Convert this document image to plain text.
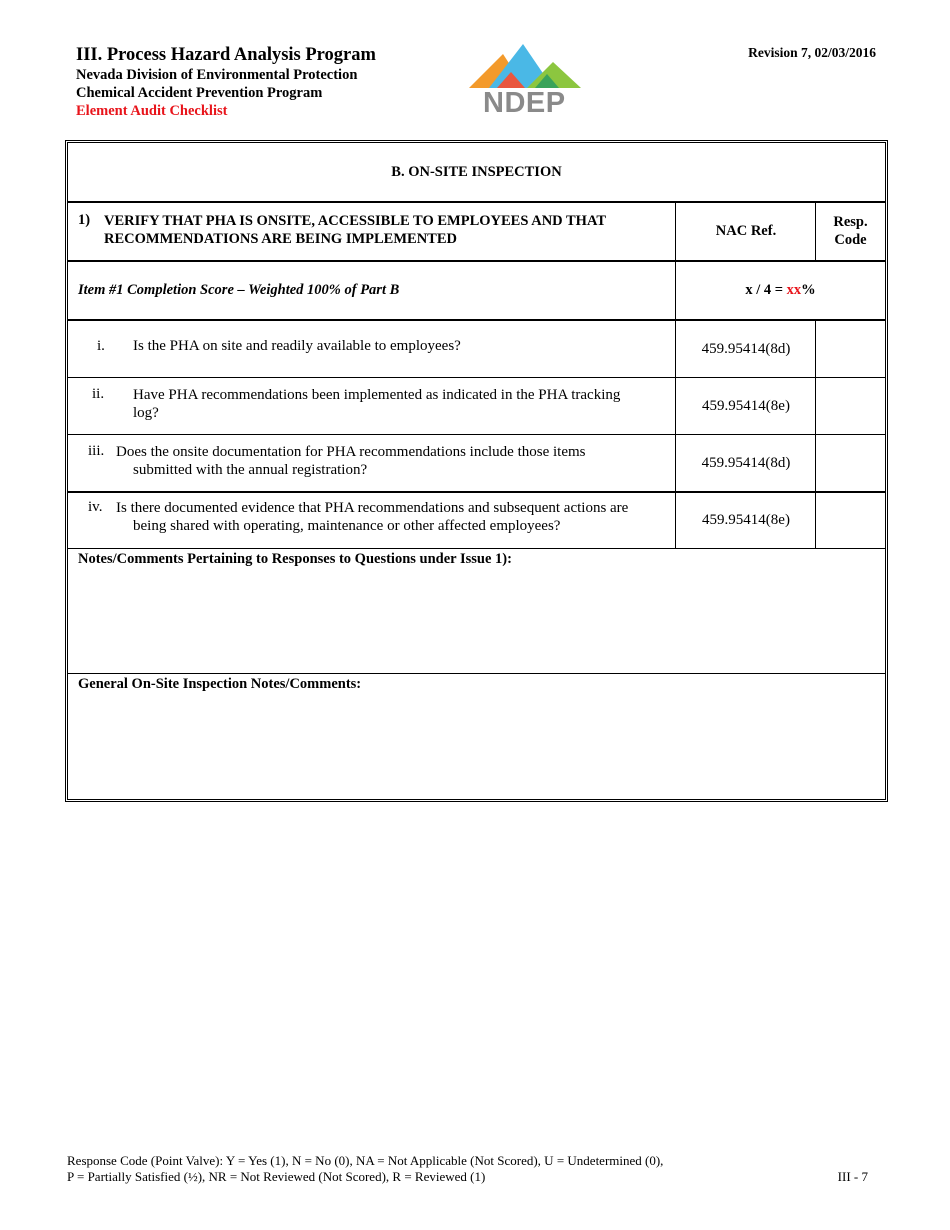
III. Process Hazard Analysis Program
Nevada Division of Environmental Protection
Chemical Accident Prevention Program
Element Audit Checklist	NDEP
Revision 7, 02/03/2016
B. ON-SITE INSPECTION
1) VERIFY THAT PHA IS ONSITE, ACCESSIBLE TO EMPLOYEES AND THAT RECOMMENDATIONS ARE BEING IMPLEMENTED	NAC Ref.
Resp.
Code
Item #1 Completion Score – Weighted 100% of Part B	x / 4 = xx%
i.	Is the PHA on site and readily available to employees?	459.95414(8d)
ii.	Have PHA recommendations been implemented as indicated in the PHA tracking
log?	459.95414(8e)
iii. Does the onsite documentation for PHA recommendations include those items
submitted with the annual registration?	459.95414(8d)
iv. Is there documented evidence that PHA recommendations and subsequent actions are
being shared with operating, maintenance or other affected employees?	459.95414(8e)
Notes/Comments Pertaining to Responses to Questions under Issue 1):
General On-Site Inspection Notes/Comments:
Response Code (Point Valve): Y = Yes (1), N = No (0), NA = Not Applicable (Not Scored), U = Undetermined (0),
P = Partially Satisfied (½), NR = Not Reviewed (Not Scored), R = Reviewed (1)	III - 7
